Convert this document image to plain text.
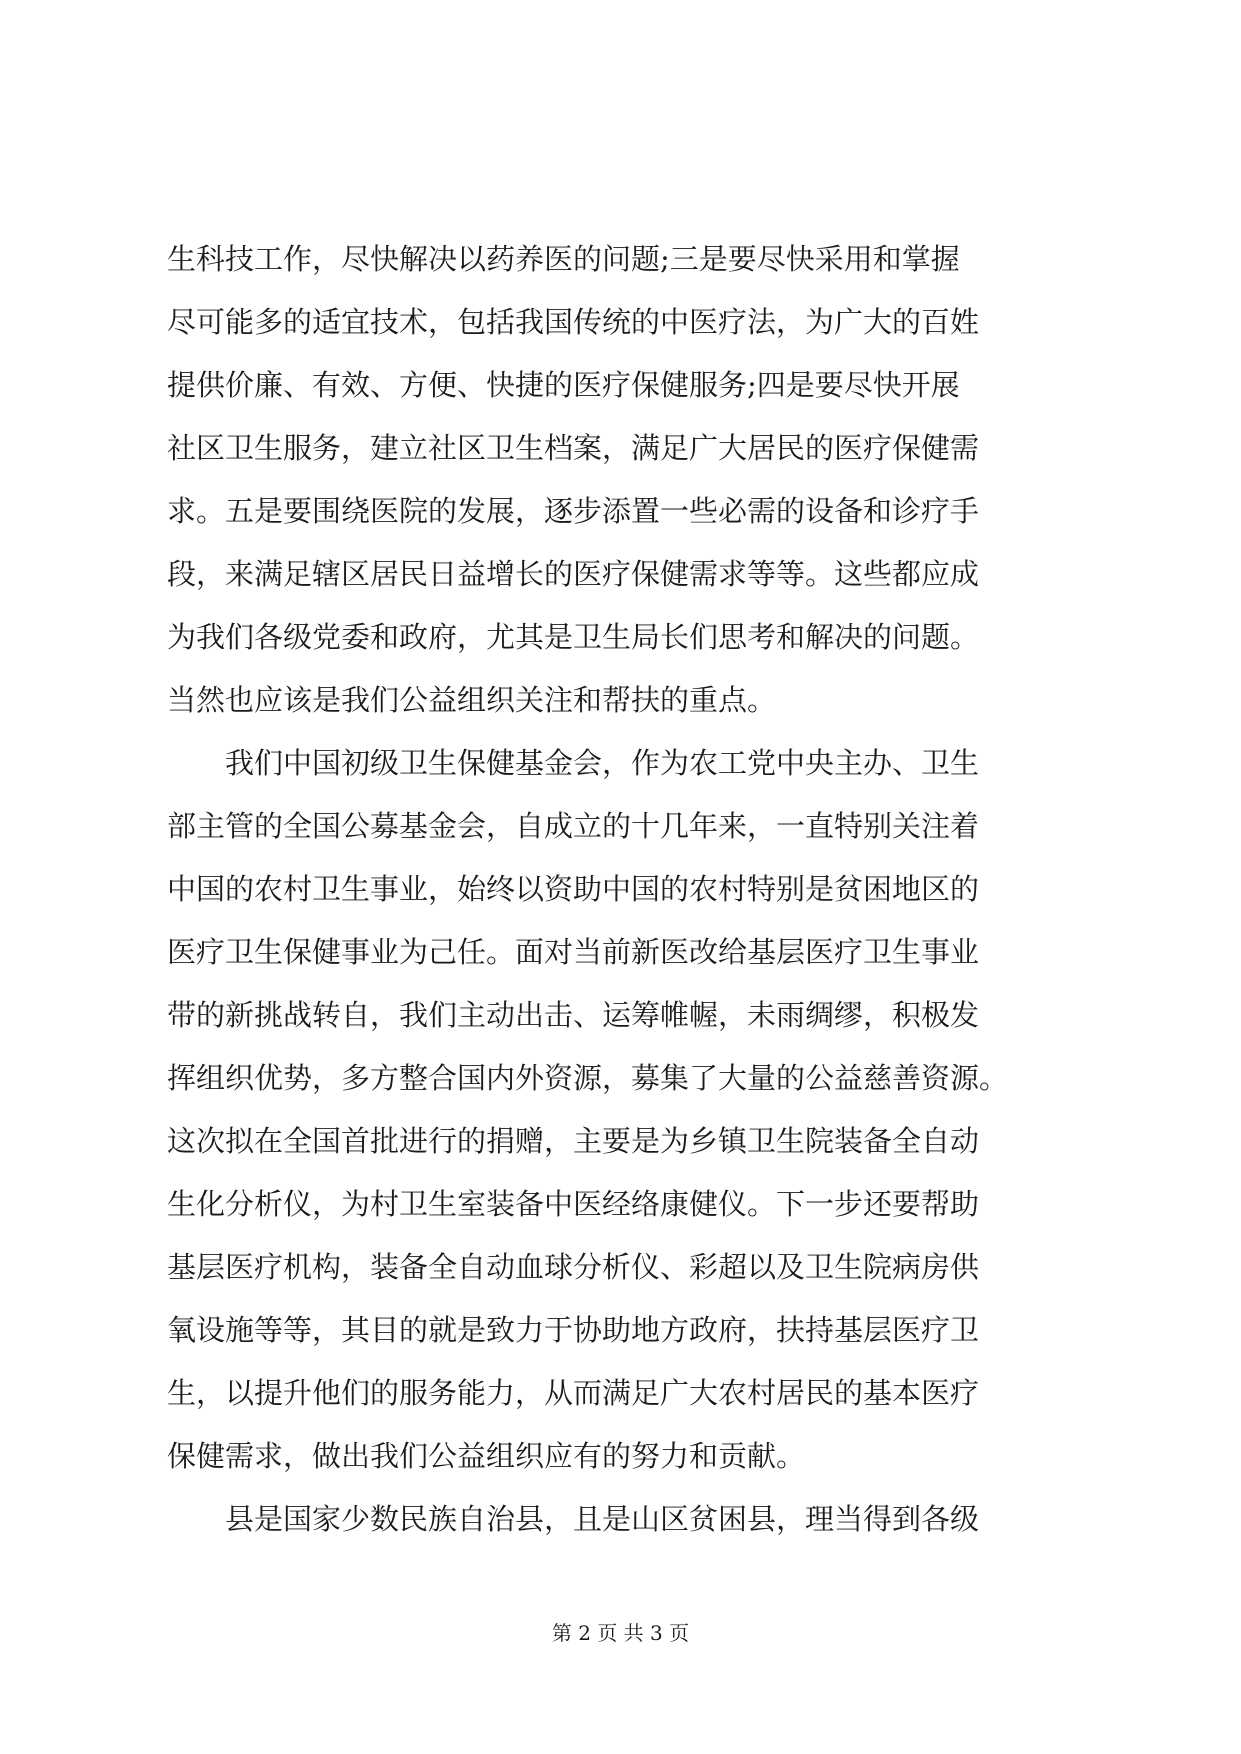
生科技工作，尽快解决以药养医的问题;三是要尽快采用和掌握
尽可能多的适宜技术，包括我国传统的中医疗法，为广大的百姓
提供价廉、有效、方便、快捷的医疗保健服务;四是要尽快开展
社区卫生服务，建立社区卫生档案，满足广大居民的医疗保健需
求。五是要围绕医院的发展，逐步添置一些必需的设备和诊疗手
段，来满足辖区居民日益增长的医疗保健需求等等。这些都应成
为我们各级党委和政府，尤其是卫生局长们思考和解决的问题。
当然也应该是我们公益组织关注和帮扶的重点。
我们中国初级卫生保健基金会，作为农工党中央主办、卫生
部主管的全国公募基金会，自成立的十几年来，一直特别关注着
中国的农村卫生事业，始终以资助中国的农村特别是贫困地区的
医疗卫生保健事业为己任。面对当前新医改给基层医疗卫生事业
带的新挑战转自，我们主动出击、运筹帷幄，未雨绸缪，积极发
挥组织优势，多方整合国内外资源，募集了大量的公益慈善资源。
这次拟在全国首批进行的捐赠，主要是为乡镇卫生院装备全自动
生化分析仪，为村卫生室装备中医经络康健仪。下一步还要帮助
基层医疗机构，装备全自动血球分析仪、彩超以及卫生院病房供
氧设施等等，其目的就是致力于协助地方政府，扶持基层医疗卫
生，以提升他们的服务能力，从而满足广大农村居民的基本医疗
保健需求，做出我们公益组织应有的努力和贡献。
县是国家少数民族自治县，且是山区贫困县，理当得到各级
第 2 页 共 3 页
